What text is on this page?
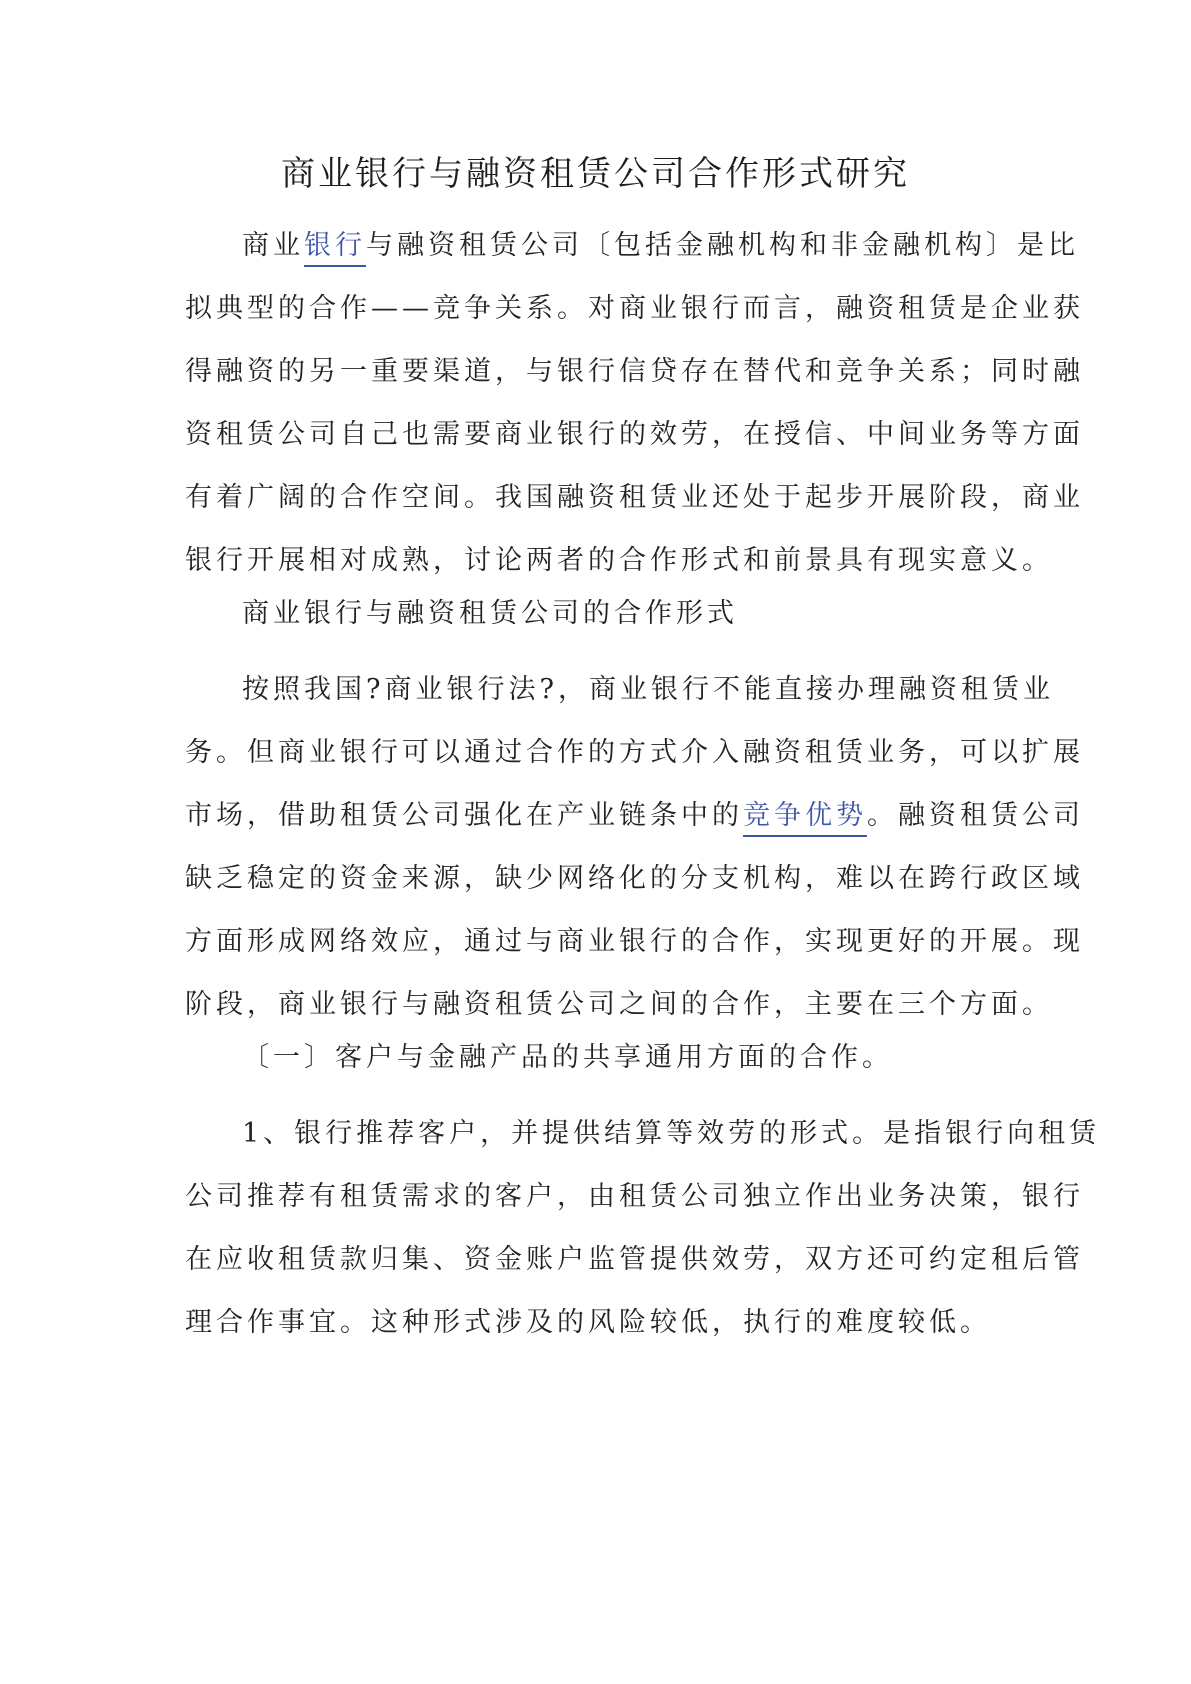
商业银行与融资租赁公司合作形式研究
商业银行与融资租赁公司〔包括金融机构和非金融机构〕是比
拟典型的合作——竞争关系。对商业银行而言，融资租赁是企业获
得融资的另一重要渠道，与银行信贷存在替代和竞争关系；同时融
资租赁公司自己也需要商业银行的效劳，在授信、中间业务等方面
有着广阔的合作空间。我国融资租赁业还处于起步开展阶段，商业
银行开展相对成熟，讨论两者的合作形式和前景具有现实意义。
商业银行与融资租赁公司的合作形式
按照我国?商业银行法?，商业银行不能直接办理融资租赁业
务。但商业银行可以通过合作的方式介入融资租赁业务，可以扩展
市场，借助租赁公司强化在产业链条中的竞争优势。融资租赁公司
缺乏稳定的资金来源，缺少网络化的分支机构，难以在跨行政区域
方面形成网络效应，通过与商业银行的合作，实现更好的开展。现
阶段，商业银行与融资租赁公司之间的合作，主要在三个方面。
〔一〕客户与金融产品的共享通用方面的合作。
1、银行推荐客户，并提供结算等效劳的形式。是指银行向租赁
公司推荐有租赁需求的客户，由租赁公司独立作出业务决策，银行
在应收租赁款归集、资金账户监管提供效劳，双方还可约定租后管
理合作事宜。这种形式涉及的风险较低，执行的难度较低。
